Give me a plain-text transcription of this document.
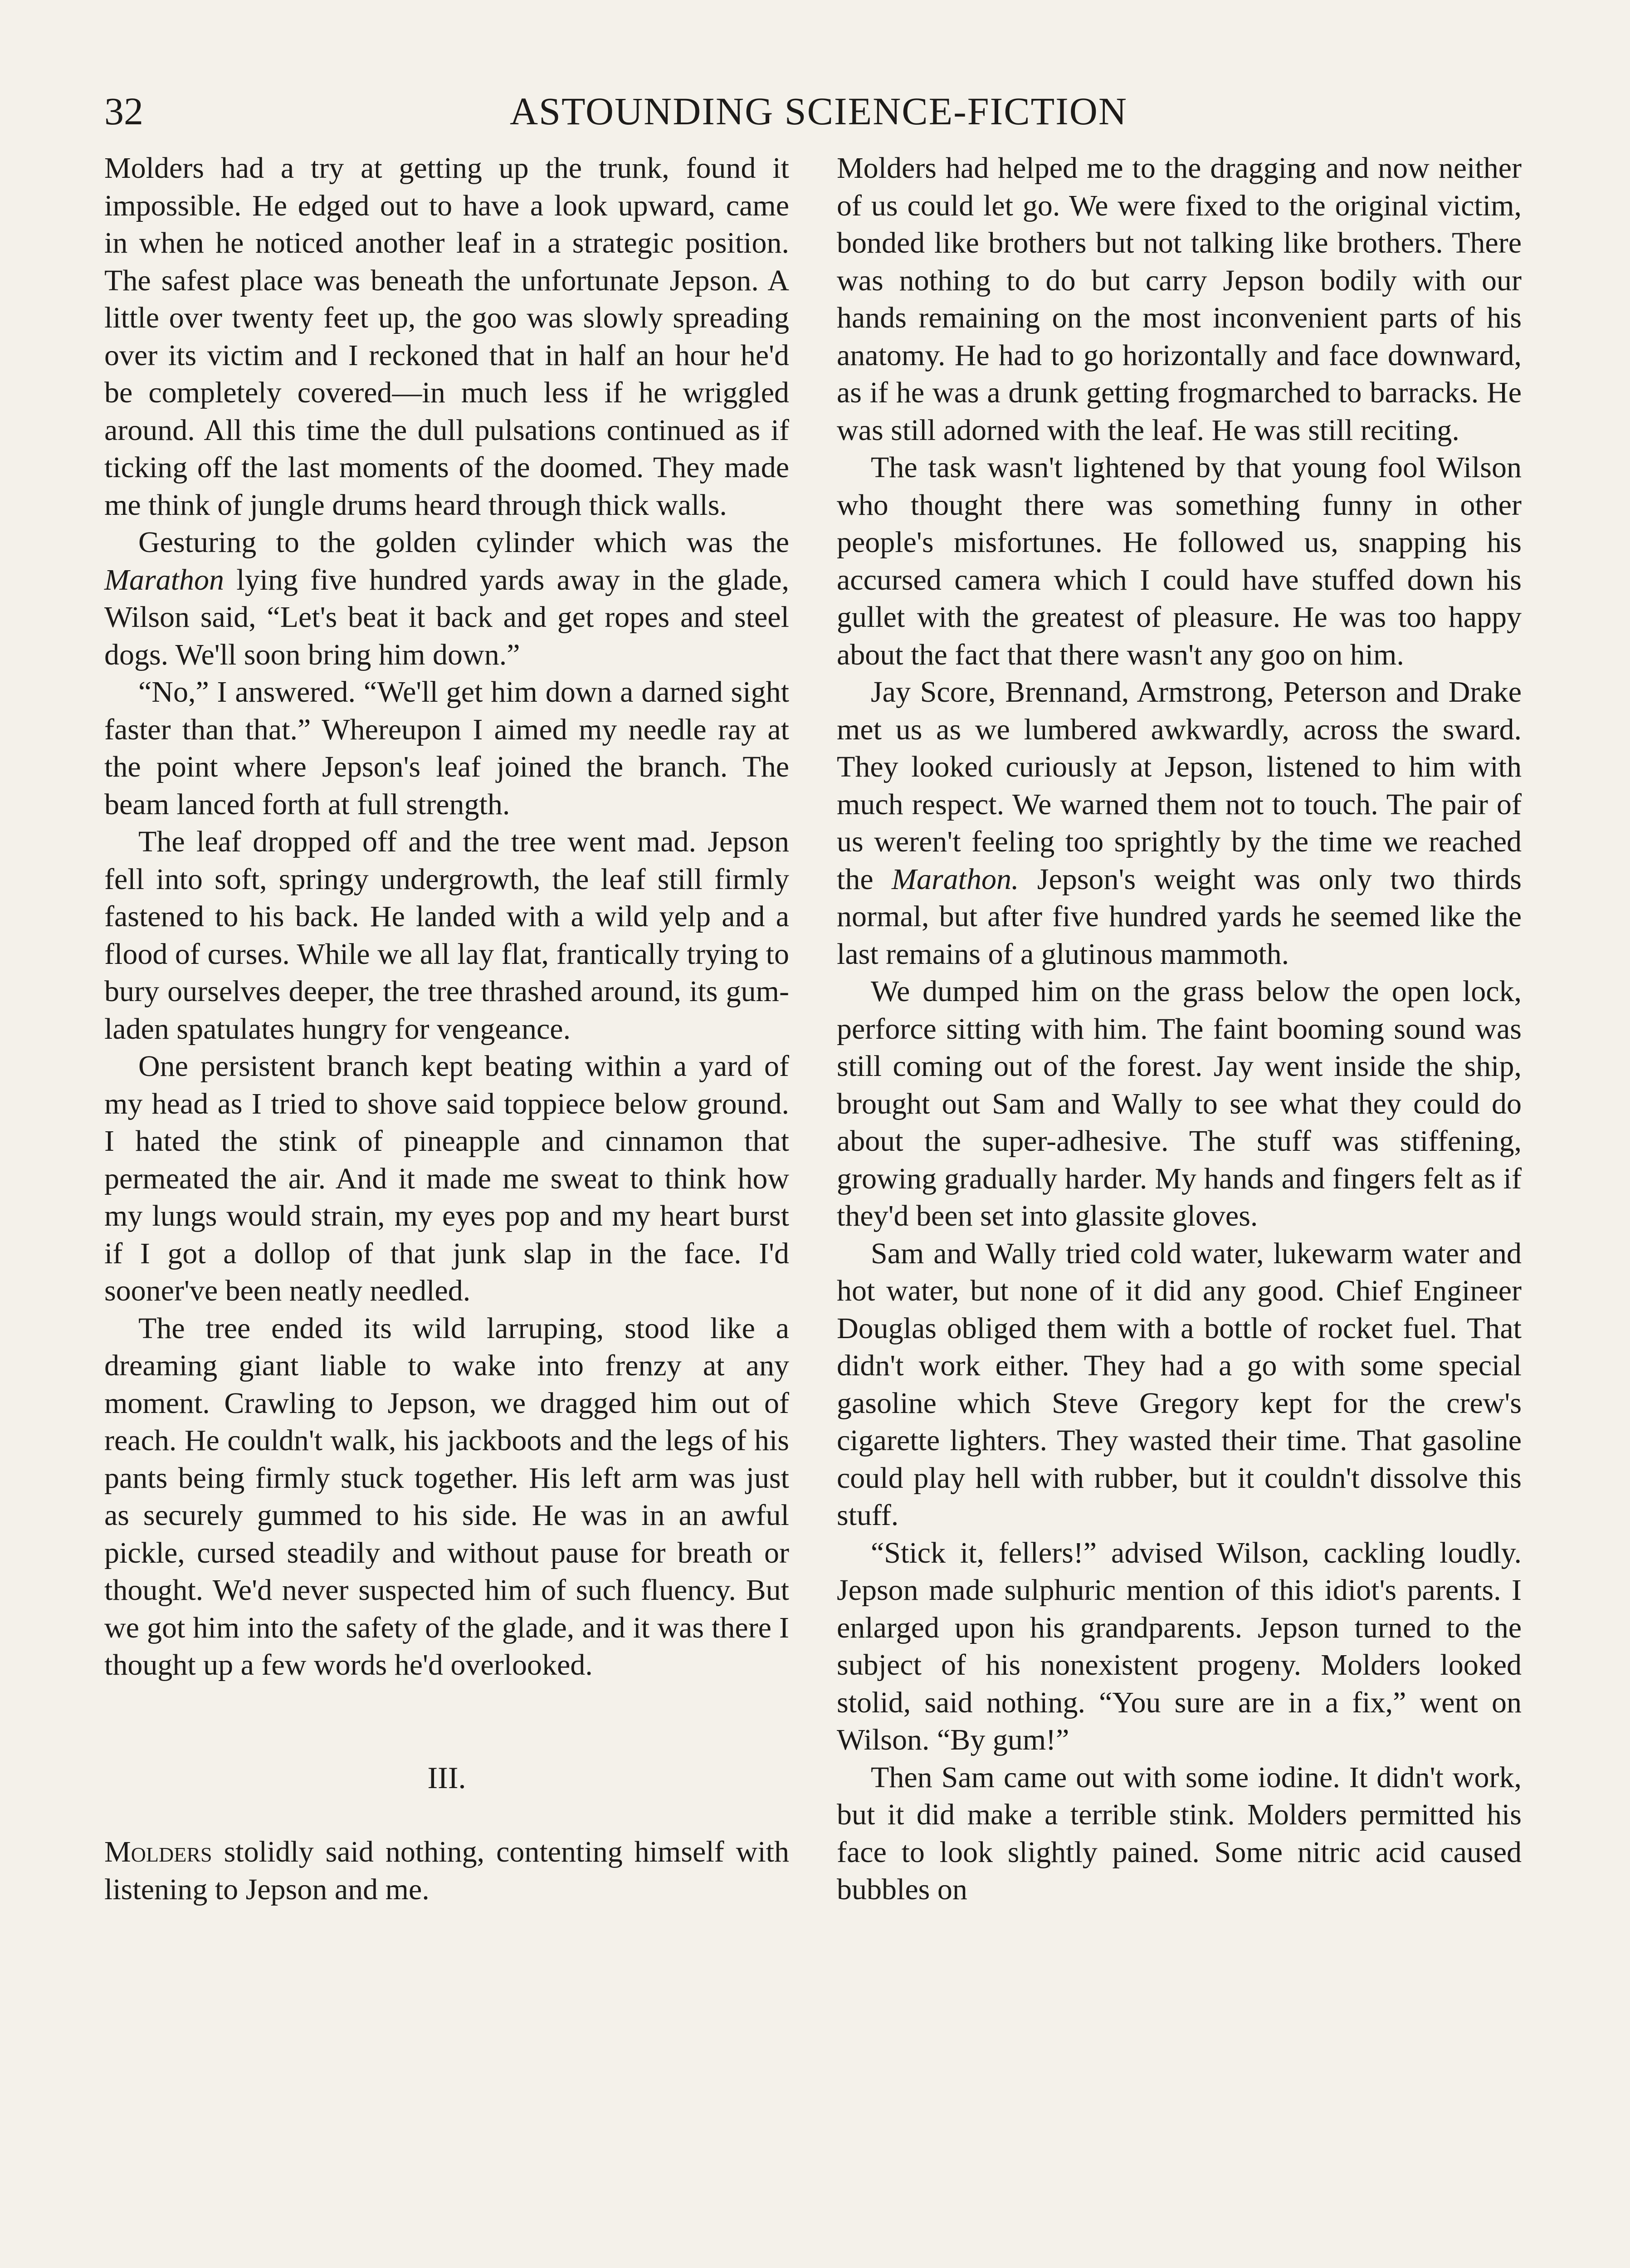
32	ASTOUNDING SCIENCE-FICTION

Molders had a try at getting up the trunk, found it impossible. He edged out to have a look upward, came in when he noticed another leaf in a strategic position. The safest place was beneath the unfortunate Jepson. A little over twenty feet up, the goo was slowly spreading over its victim and I reckoned that in half an hour he'd be completely covered—in much less if he wriggled around. All this time the dull pulsations continued as if ticking off the last moments of the doomed. They made me think of jungle drums heard through thick walls.

Gesturing to the golden cylinder which was the Marathon lying five hundred yards away in the glade, Wilson said, “Let's beat it back and get ropes and steel dogs. We'll soon bring him down.”

“No,” I answered. “We'll get him down a darned sight faster than that.” Whereupon I aimed my needle ray at the point where Jepson's leaf joined the branch. The beam lanced forth at full strength.

The leaf dropped off and the tree went mad. Jepson fell into soft, springy undergrowth, the leaf still firmly fastened to his back. He landed with a wild yelp and a flood of curses. While we all lay flat, frantically trying to bury ourselves deeper, the tree thrashed around, its gum-laden spatulates hungry for vengeance.

One persistent branch kept beating within a yard of my head as I tried to shove said toppiece below ground. I hated the stink of pineapple and cinnamon that permeated the air. And it made me sweat to think how my lungs would strain, my eyes pop and my heart burst if I got a dollop of that junk slap in the face. I'd sooner've been neatly needled.

The tree ended its wild larruping, stood like a dreaming giant liable to wake into frenzy at any moment. Crawling to Jepson, we dragged him out of reach. He couldn't walk, his jackboots and the legs of his pants being firmly stuck together. His left arm was just as securely gummed to his side. He was in an awful pickle, cursed steadily and without pause for breath or thought. We'd never suspected him of such fluency. But we got him into the safety of the glade, and it was there I thought up a few words he'd overlooked.

III.

Molders stolidly said nothing, contenting himself with listening to Jepson and me.

Molders had helped me to the dragging and now neither of us could let go. We were fixed to the original victim, bonded like brothers but not talking like brothers. There was nothing to do but carry Jepson bodily with our hands remaining on the most inconvenient parts of his anatomy. He had to go horizontally and face downward, as if he was a drunk getting frogmarched to barracks. He was still adorned with the leaf. He was still reciting.

The task wasn't lightened by that young fool Wilson who thought there was something funny in other people's misfortunes. He followed us, snapping his accursed camera which I could have stuffed down his gullet with the greatest of pleasure. He was too happy about the fact that there wasn't any goo on him.

Jay Score, Brennand, Armstrong, Peterson and Drake met us as we lumbered awkwardly, across the sward. They looked curiously at Jepson, listened to him with much respect. We warned them not to touch. The pair of us weren't feeling too sprightly by the time we reached the Marathon. Jepson's weight was only two thirds normal, but after five hundred yards he seemed like the last remains of a glutinous mammoth.

We dumped him on the grass below the open lock, perforce sitting with him. The faint booming sound was still coming out of the forest. Jay went inside the ship, brought out Sam and Wally to see what they could do about the super-adhesive. The stuff was stiffening, growing gradually harder. My hands and fingers felt as if they'd been set into glassite gloves.

Sam and Wally tried cold water, lukewarm water and hot water, but none of it did any good. Chief Engineer Douglas obliged them with a bottle of rocket fuel. That didn't work either. They had a go with some special gasoline which Steve Gregory kept for the crew's cigarette lighters. They wasted their time. That gasoline could play hell with rubber, but it couldn't dissolve this stuff.

“Stick it, fellers!” advised Wilson, cackling loudly. Jepson made sulphuric mention of this idiot's parents. I enlarged upon his grandparents. Jepson turned to the subject of his nonexistent progeny. Molders looked stolid, said nothing. “You sure are in a fix,” went on Wilson. “By gum!”

Then Sam came out with some iodine. It didn't work, but it did make a terrible stink. Molders permitted his face to look slightly pained. Some nitric acid caused bubbles on
